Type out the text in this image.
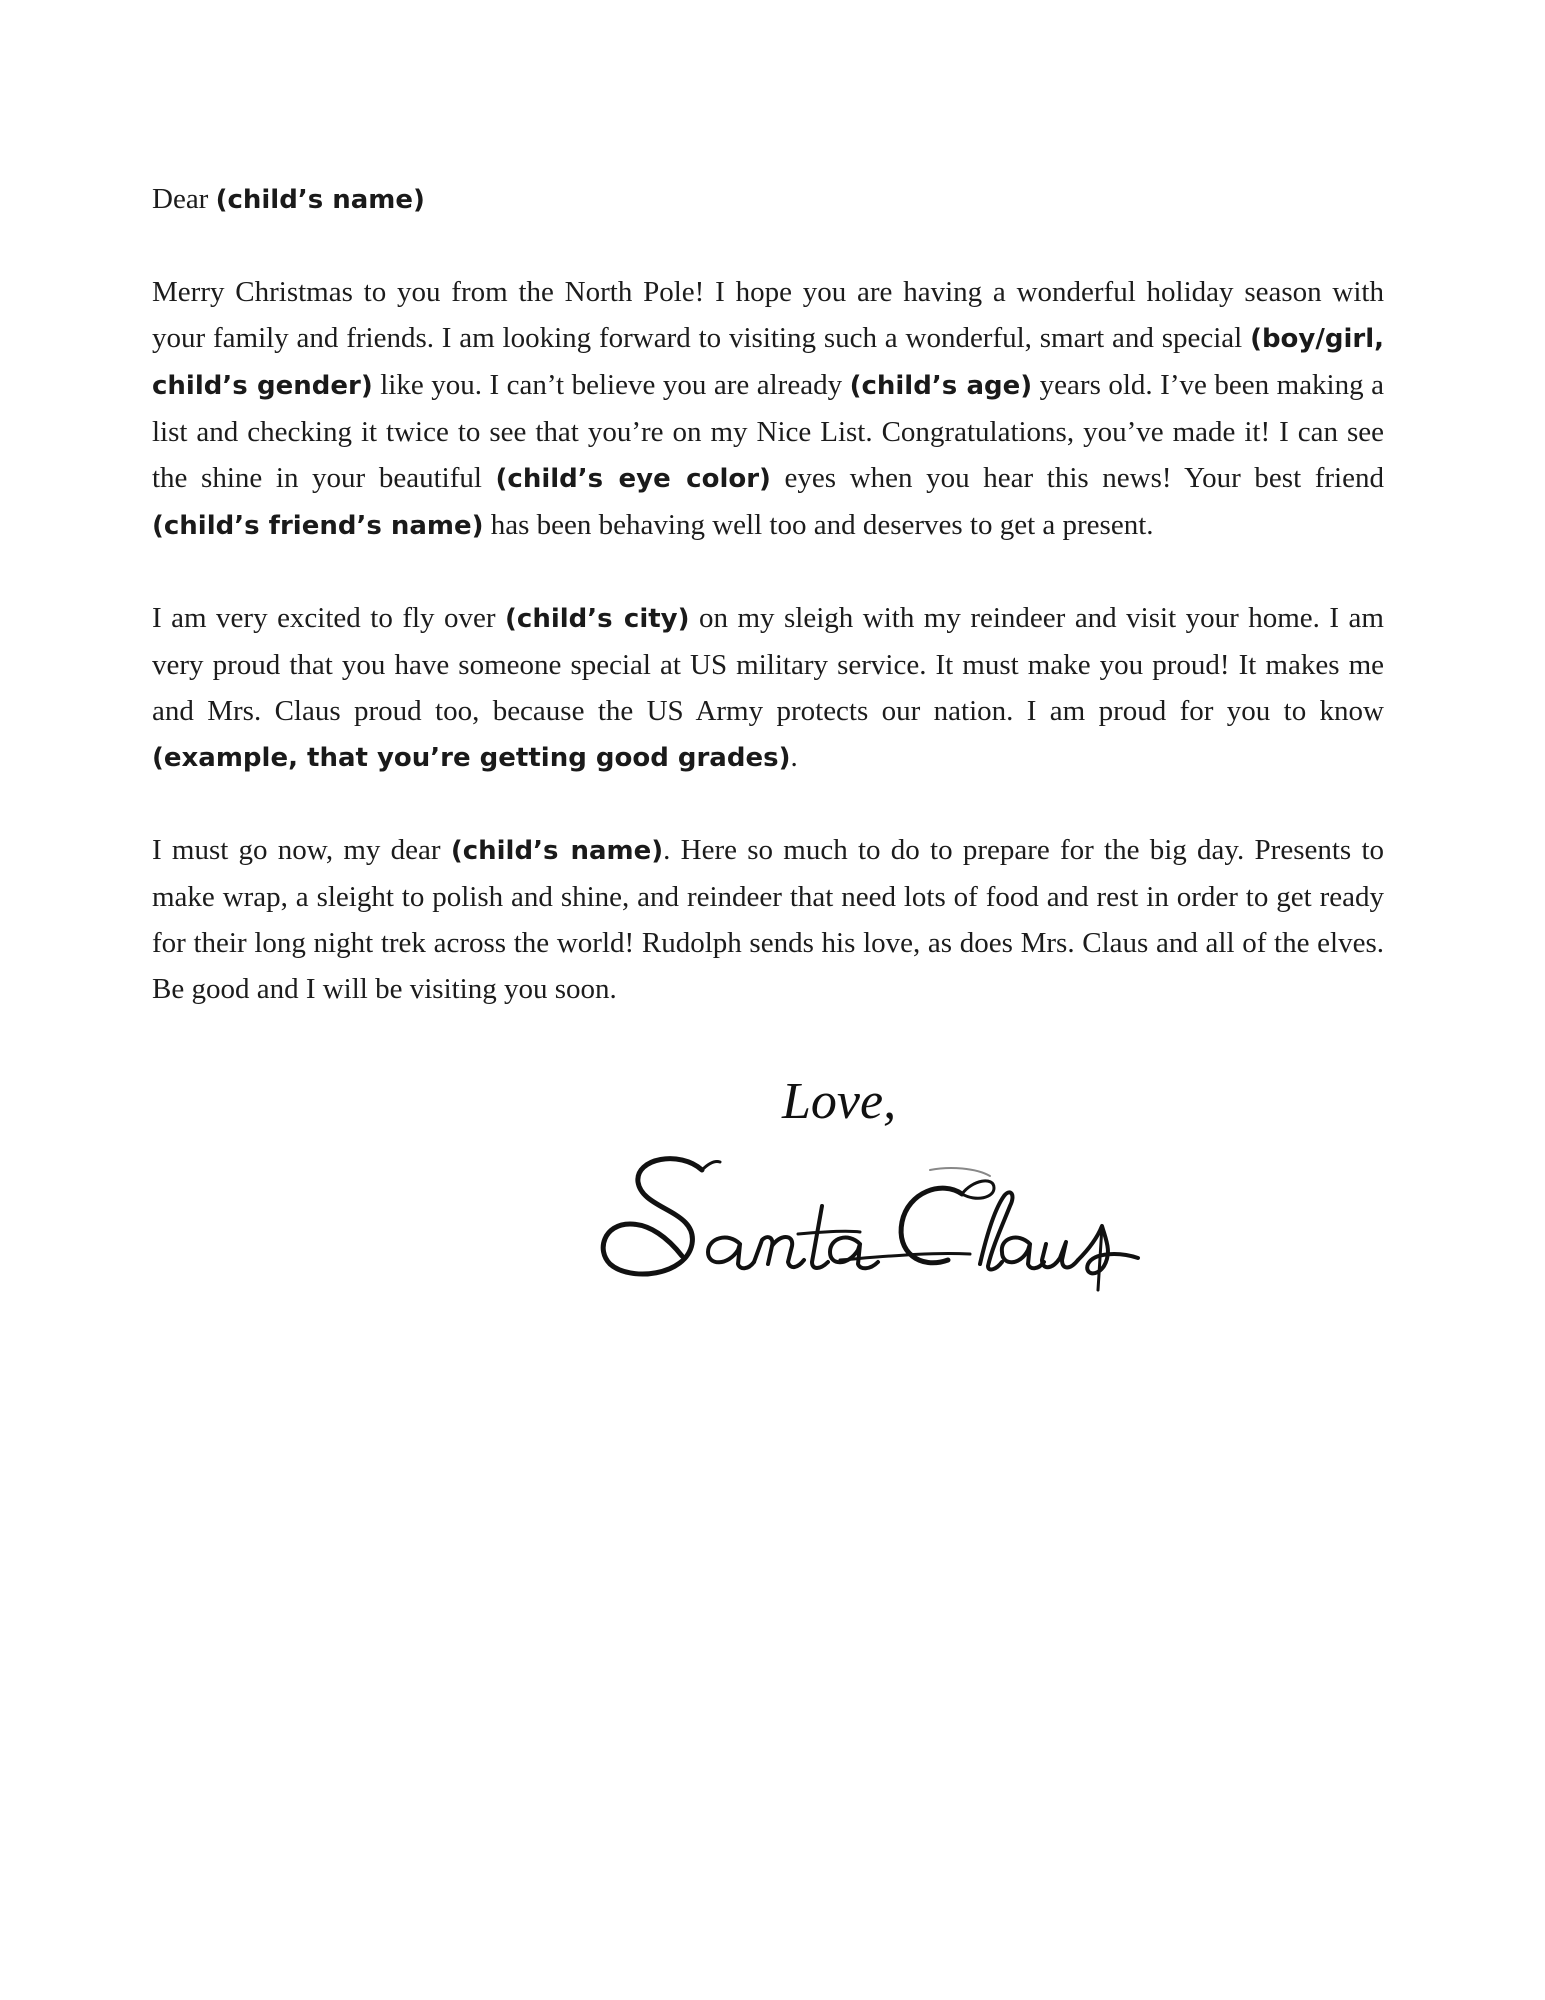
Dear (child’s name)

Merry Christmas to you from the North Pole! I hope you are having a wonderful holiday season with your family and friends. I am looking forward to visiting such a wonderful, smart and special (boy/girl, child’s gender) like you. I can’t believe you are already (child’s age) years old. I’ve been making a list and checking it twice to see that you’re on my Nice List. Congratulations, you’ve made it! I can see the shine in your beautiful (child’s eye color) eyes when you hear this news! Your best friend (child’s friend’s name) has been behaving well too and deserves to get a present.

I am very excited to fly over (child’s city) on my sleigh with my reindeer and visit your home. I am very proud that you have someone special at US military service. It must make you proud! It makes me and Mrs. Claus proud too, because the US Army protects our nation. I am proud for you to know (example, that you’re getting good grades).

I must go now, my dear (child’s name). Here so much to do to prepare for the big day. Presents to make wrap, a sleight to polish and shine, and reindeer that need lots of food and rest in order to get ready for their long night trek across the world! Rudolph sends his love, as does Mrs. Claus and all of the elves. Be good and I will be visiting you soon.

Love,
